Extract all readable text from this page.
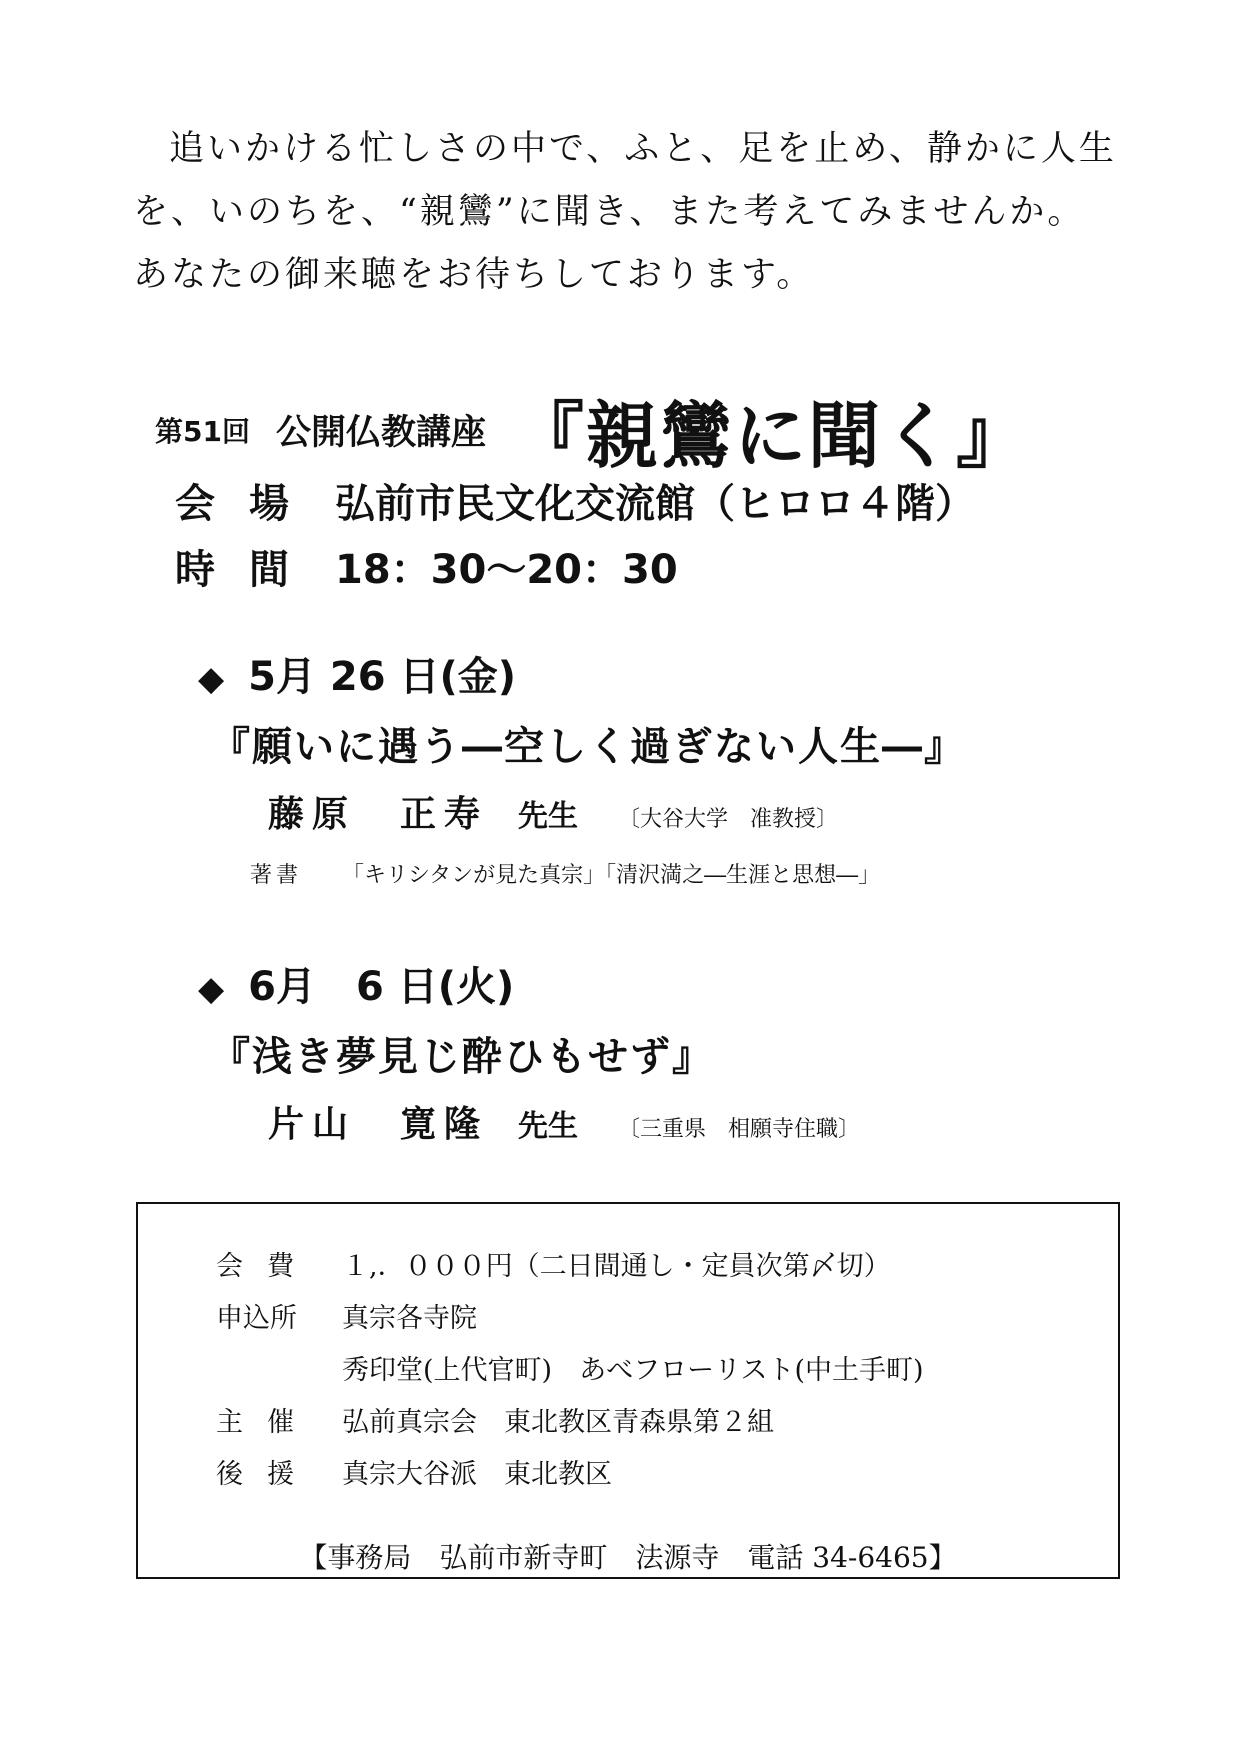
追いかける忙しさの中で、ふと、足を止め、静かに人生

を、いのちを、“親鸞”に聞き、また考えてみませんか。

あなたの御来聴をお待ちしております。

第51回 公開仏教講座 『親鸞に聞く』
会場 弘前市民文化交流館（ヒロロ４階）
時間 18：30〜20：30
◆ 5月 26 日(金)
『願いに遇う―空しく過ぎない人生―』
藤原　正寿 先生 〔大谷大学　准教授〕
著書 「キリシタンが見た真宗」「清沢満之―生涯と思想―」
◆ 6月　6 日(火)
『浅き夢見じ酔ひもせず』
片山　寛隆 先生 〔三重県　相願寺住職〕
会費 １,．０００円（二日間通し・定員次第〆切）
申込所 真宗各寺院
秀印堂(上代官町)　あべフローリスト(中土手町)
主催 弘前真宗会　東北教区青森県第２組
後援 真宗大谷派　東北教区
【事務局　弘前市新寺町　法源寺　電話 34-6465】
